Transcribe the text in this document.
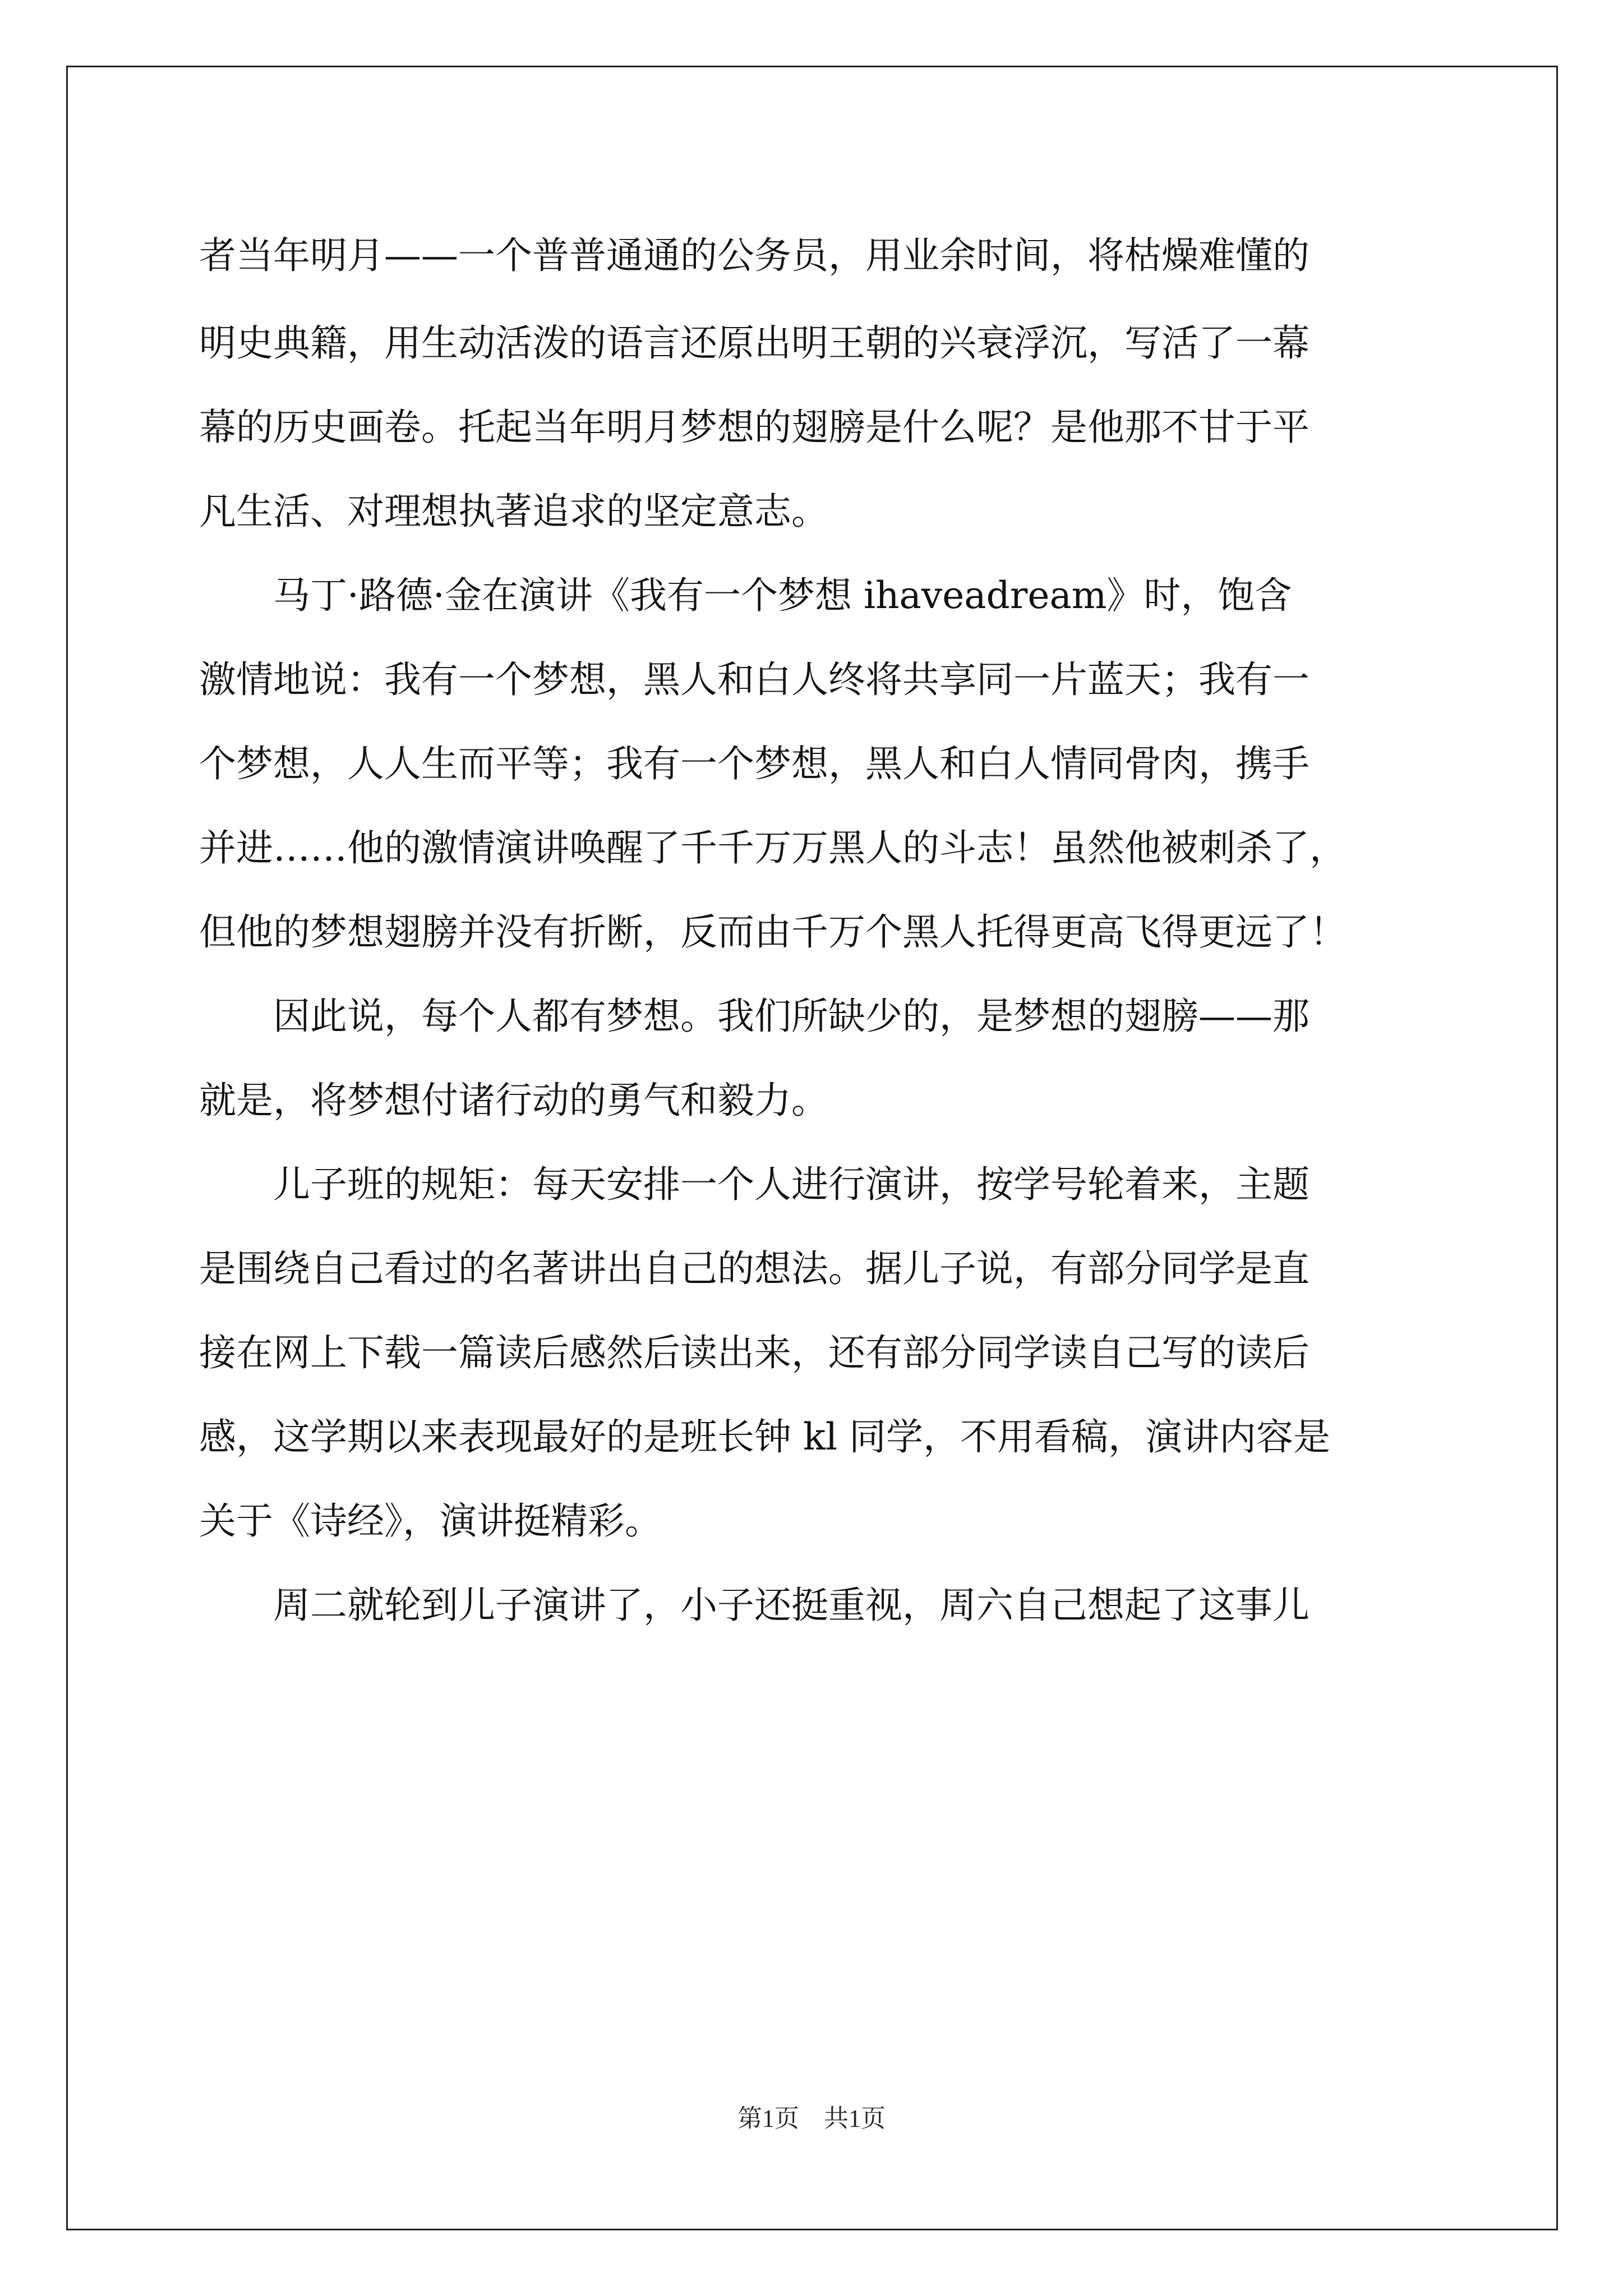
者当年明月——一个普普通通的公务员，用业余时间，将枯燥难懂的
明史典籍，用生动活泼的语言还原出明王朝的兴衰浮沉，写活了一幕
幕的历史画卷。托起当年明月梦想的翅膀是什么呢？是他那不甘于平
凡生活、对理想执著追求的坚定意志。
　　马丁·路德·金在演讲《我有一个梦想 ihaveadream》时，饱含
激情地说：我有一个梦想，黑人和白人终将共享同一片蓝天；我有一
个梦想，人人生而平等；我有一个梦想，黑人和白人情同骨肉，携手
并进……他的激情演讲唤醒了千千万万黑人的斗志！虽然他被刺杀了，
但他的梦想翅膀并没有折断，反而由千万个黑人托得更高飞得更远了！
　　因此说，每个人都有梦想。我们所缺少的，是梦想的翅膀——那
就是，将梦想付诸行动的勇气和毅力。
　　儿子班的规矩：每天安排一个人进行演讲，按学号轮着来，主题
是围绕自己看过的名著讲出自己的想法。据儿子说，有部分同学是直
接在网上下载一篇读后感然后读出来，还有部分同学读自己写的读后
感，这学期以来表现最好的是班长钟 kl 同学，不用看稿，演讲内容是
关于《诗经》，演讲挺精彩。
　　周二就轮到儿子演讲了，小子还挺重视，周六自己想起了这事儿
第1页　共1页
